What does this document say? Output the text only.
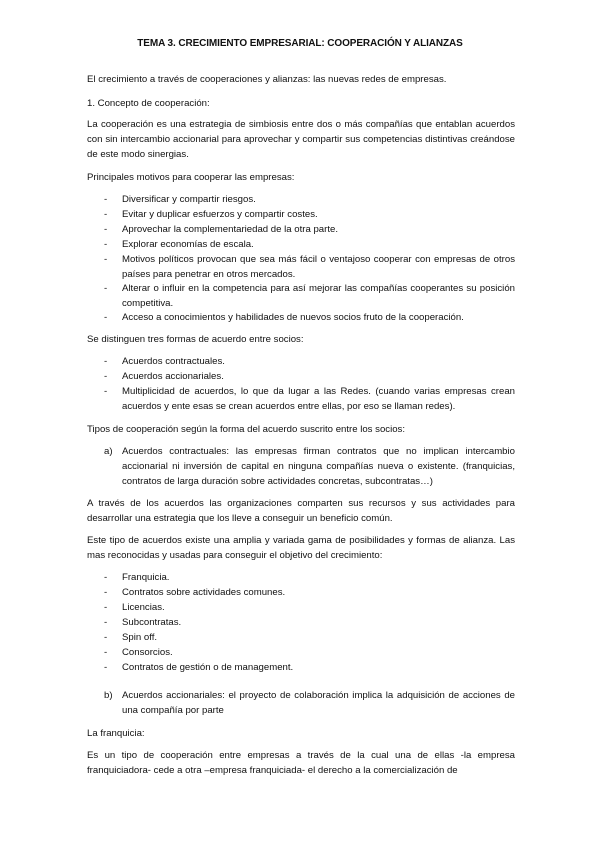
TEMA 3. CRECIMIENTO EMPRESARIAL: COOPERACIÓN Y ALIANZAS
El crecimiento a través de cooperaciones y alianzas: las nuevas redes de empresas.
1. Concepto de cooperación:
La cooperación es una estrategia de simbiosis entre dos o más compañías que entablan acuerdos con sin intercambio accionarial para aprovechar y compartir sus competencias distintivas creándose de este modo sinergias.
Principales motivos para cooperar las empresas:
-	Diversificar y compartir riesgos.
-	Evitar y duplicar esfuerzos y compartir costes.
-	Aprovechar la complementariedad de la otra parte.
-	Explorar economías de escala.
-	Motivos políticos provocan que sea más fácil o ventajoso cooperar con empresas de otros países para penetrar en otros mercados.
-	Alterar o influir en la competencia para así mejorar las compañías cooperantes su posición competitiva.
-	Acceso a conocimientos y habilidades de nuevos socios fruto de la cooperación.
Se distinguen tres formas de acuerdo entre socios:
-	Acuerdos contractuales.
-	Acuerdos accionariales.
-	Multiplicidad de acuerdos, lo que da lugar a las Redes. (cuando varias empresas crean acuerdos y ente esas se crean acuerdos entre ellas, por eso se llaman redes).
Tipos de cooperación según la forma del acuerdo suscrito entre los socios:
a) Acuerdos contractuales: las empresas firman contratos que no implican intercambio accionarial ni inversión de capital en ninguna compañías nueva o existente. (franquicias, contratos de larga duración sobre actividades concretas, subcontratas…)
A través de los acuerdos las organizaciones comparten sus recursos y sus actividades para desarrollar una estrategia que los lleve a conseguir un beneficio común.
Este tipo de acuerdos existe una amplia y variada gama de posibilidades y formas de alianza. Las mas reconocidas y usadas para conseguir el objetivo del crecimiento:
-	Franquicia.
-	Contratos sobre actividades comunes.
-	Licencias.
-	Subcontratas.
-	Spin off.
-	Consorcios.
-	Contratos de gestión o de management.
b) Acuerdos accionariales: el proyecto de colaboración implica la adquisición de acciones de una compañía por parte
La franquicia:
Es un tipo de cooperación entre empresas a través de la cual una de ellas -la empresa franquiciadora- cede a otra –empresa franquiciada- el derecho a la comercialización de
